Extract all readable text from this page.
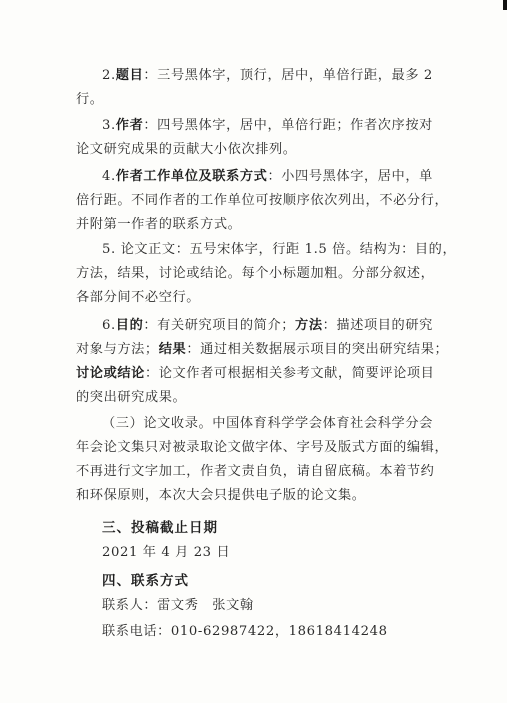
2.题目：三号黑体字，顶行，居中，单倍行距，最多 2
行。
3.作者：四号黑体字，居中，单倍行距；作者次序按对
论文研究成果的贡献大小依次排列。
4.作者工作单位及联系方式：小四号黑体字，居中，单
倍行距。不同作者的工作单位可按顺序依次列出，不必分行，
并附第一作者的联系方式。
5. 论文正文：五号宋体字，行距 1.5 倍。结构为：目的，
方法，结果，讨论或结论。每个小标题加粗。分部分叙述，
各部分间不必空行。
6.目的：有关研究项目的简介；方法：描述项目的研究
对象与方法；结果：通过相关数据展示项目的突出研究结果；
讨论或结论：论文作者可根据相关参考文献，简要评论项目
的突出研究成果。
（三）论文收录。中国体育科学学会体育社会科学分会
年会论文集只对被录取论文做字体、字号及版式方面的编辑，
不再进行文字加工，作者文责自负，请自留底稿。本着节约
和环保原则，本次大会只提供电子版的论文集。
三、投稿截止日期
2021 年 4 月 23 日
四、联系方式
联系人：雷文秀　张文翰
联系电话：010-62987422，18618414248
